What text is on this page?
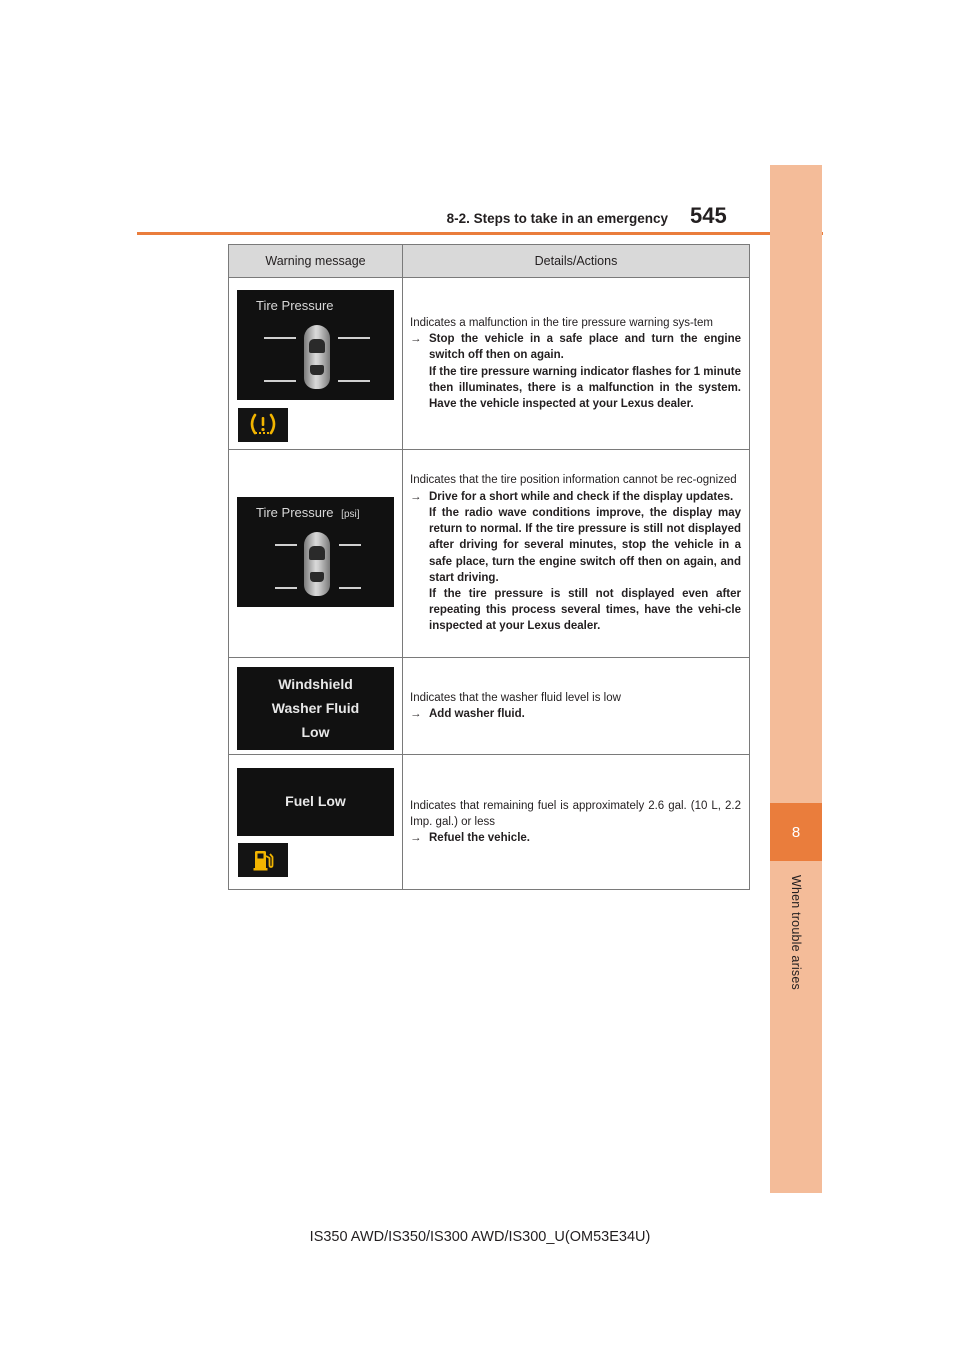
8-2. Steps to take in an emergency 545
8
When trouble arises
Warning message	Details/Actions
Tire Pressure
Indicates a malfunction in the tire pressure warning sys-tem
→ Stop the vehicle in a safe place and turn the engine switch off then on again.
If the tire pressure warning indicator flashes for 1 minute then illuminates, there is a malfunction in the system. Have the vehicle inspected at your Lexus dealer.
Tire Pressure [psi]
Indicates that the tire position information cannot be rec-ognized
→ Drive for a short while and check if the display updates.
If the radio wave conditions improve, the display may return to normal. If the tire pressure is still not displayed after driving for several minutes, stop the vehicle in a safe place, turn the engine switch off then on again, and start driving.
If the tire pressure is still not displayed even after repeating this process several times, have the vehi-cle inspected at your Lexus dealer.
Windshield
Washer Fluid
Low
Indicates that the washer fluid level is low
→ Add washer fluid.
Fuel Low	Indicates that remaining fuel is approximately 2.6 gal. (10 L, 2.2 Imp. gal.) or less
→ Refuel the vehicle.
IS350 AWD/IS350/IS300 AWD/IS300_U(OM53E34U)
